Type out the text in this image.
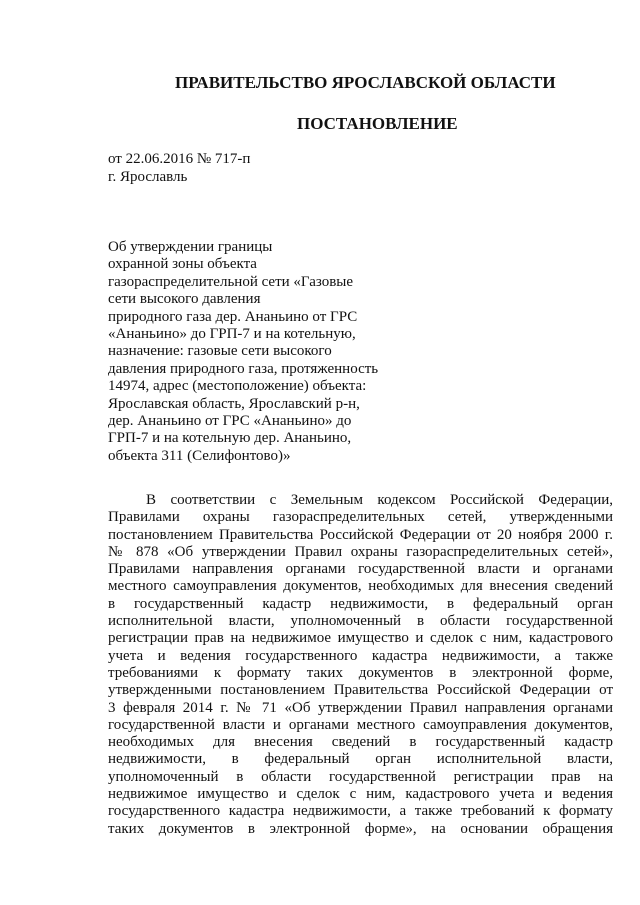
ПРАВИТЕЛЬСТВО ЯРОСЛАВСКОЙ ОБЛАСТИ
ПОСТАНОВЛЕНИЕ
от 22.06.2016 № 717-п
г. Ярославль
Об утверждении границы
охранной зоны объекта
газораспределительной сети «Газовые
сети высокого давления
природного газа дер. Ананьино от ГРС
«Ананьино» до ГРП-7 и на котельную,
назначение: газовые сети высокого
давления природного газа, протяженность
14974, адрес (местоположение) объекта:
Ярославская область, Ярославский р-н,
дер. Ананьино от ГРС «Ананьино» до
ГРП-7 и на котельную дер. Ананьино,
объекта 311 (Селифонтово)»
В соответствии с Земельным кодексом Российской Федерации,
Правилами охраны газораспределительных сетей, утвержденными
постановлением Правительства Российской Федерации от 20 ноября 2000 г.
№ 878 «Об утверждении Правил охраны газораспределительных сетей»,
Правилами направления органами государственной власти и органами
местного самоуправления документов, необходимых для внесения сведений
в государственный кадастр недвижимости, в федеральный орган
исполнительной власти, уполномоченный в области государственной
регистрации прав на недвижимое имущество и сделок с ним, кадастрового
учета и ведения государственного кадастра недвижимости, а также
требованиями к формату таких документов в электронной форме,
утвержденными постановлением Правительства Российской Федерации от
3 февраля 2014 г. № 71 «Об утверждении Правил направления органами
государственной власти и органами местного самоуправления документов,
необходимых для внесения сведений в государственный кадастр
недвижимости, в федеральный орган исполнительной власти,
уполномоченный в области государственной регистрации прав на
недвижимое имущество и сделок с ним, кадастрового учета и ведения
государственного кадастра недвижимости, а также требований к формату
таких документов в электронной форме», на основании обращения
